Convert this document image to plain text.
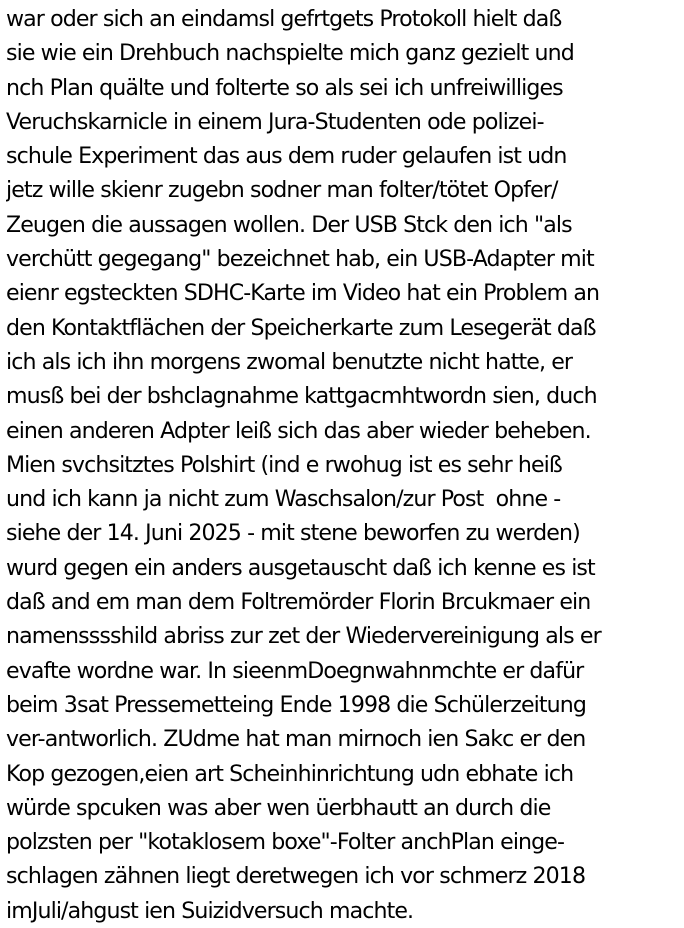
war oder sich an eindamsl gefrtgets Protokoll hielt daß
sie wie ein Drehbuch nachspielte mich ganz gezielt und
nch Plan quälte und folterte so als sei ich unfreiwilliges
Veruchskarnicle in einem Jura-Studenten ode polizei-
schule Experiment das aus dem ruder gelaufen ist udn
jetz wille skienr zugebn sodner man folter/tötet Opfer/
Zeugen die aussagen wollen. Der USB Stck den ich "als
verchütt gegegang" bezeichnet hab, ein USB-Adapter mit
eienr egsteckten SDHC-Karte im Video hat ein Problem an
den Kontaktflächen der Speicherkarte zum Lesegerät daß
ich als ich ihn morgens zwomal benutzte nicht hatte, er
musß bei der bshclagnahme kattgacmhtwordn sien, duch
einen anderen Adpter leiß sich das aber wieder beheben.
Mien svchsitztes Polshirt (ind e rwohug ist es sehr heiß
und ich kann ja nicht zum Waschsalon/zur Post  ohne -
siehe der 14. Juni 2025 - mit stene beworfen zu werden)
wurd gegen ein anders ausgetauscht daß ich kenne es ist
daß and em man dem Foltremörder Florin Brcukmaer ein
namensssshild abriss zur zet der Wiedervereinigung als er
evafte wordne war. In sieenmDoegnwahnmchte er dafür
beim 3sat Pressemetteing Ende 1998 die Schülerzeitung
ver-antworlich. ZUdme hat man mirnoch ien Sakc er den
Kop gezogen,eien art Scheinhinrichtung udn ebhate ich
würde spcuken was aber wen üerbhautt an durch die
polzsten per "kotaklosem boxe"-Folter anchPlan einge-
schlagen zähnen liegt deretwegen ich vor schmerz 2018
imJuli/ahgust ien Suizidversuch machte.
